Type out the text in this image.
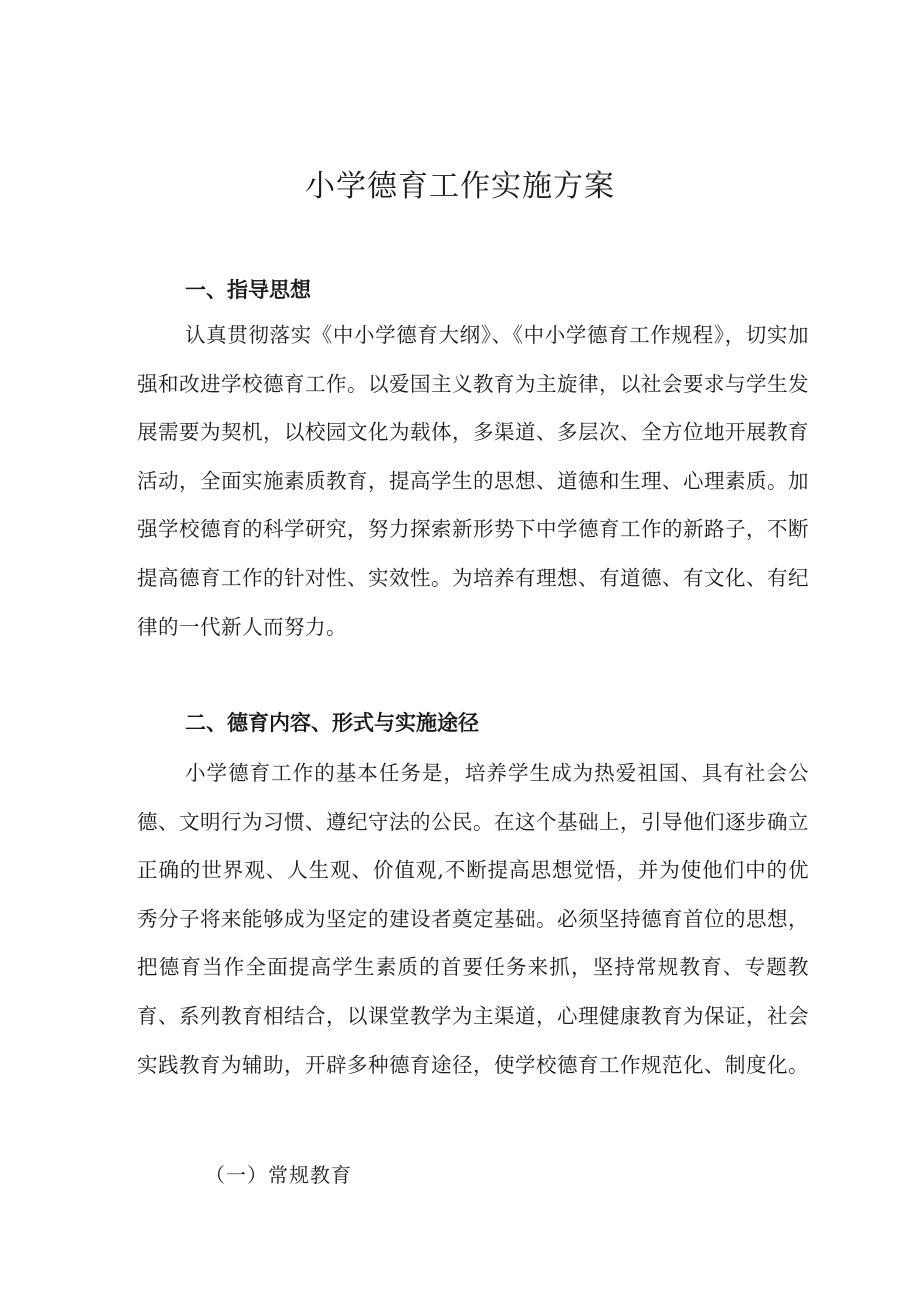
小学德育工作实施方案
一、指导思想

认真贯彻落实《中小学德育大纲》、《中小学德育工作规程》，切实加强和改进学校德育工作。以爱国主义教育为主旋律，以社会要求与学生发展需要为契机，以校园文化为载体，多渠道、多层次、全方位地开展教育活动，全面实施素质教育，提高学生的思想、道德和生理、心理素质。加强学校德育的科学研究，努力探索新形势下中学德育工作的新路子，不断提高德育工作的针对性、实效性。为培养有理想、有道德、有文化、有纪律的一代新人而努力。

二、德育内容、形式与实施途径

小学德育工作的基本任务是，培养学生成为热爱祖国、具有社会公德、文明行为习惯、遵纪守法的公民。在这个基础上，引导他们逐步确立正确的世界观、人生观、价值观,不断提高思想觉悟，并为使他们中的优秀分子将来能够成为坚定的建设者奠定基础。必须坚持德育首位的思想，把德育当作全面提高学生素质的首要任务来抓，坚持常规教育、专题教育、系列教育相结合，以课堂教学为主渠道，心理健康教育为保证，社会实践教育为辅助，开辟多种德育途径，使学校德育工作规范化、制度化。

（一）常规教育
